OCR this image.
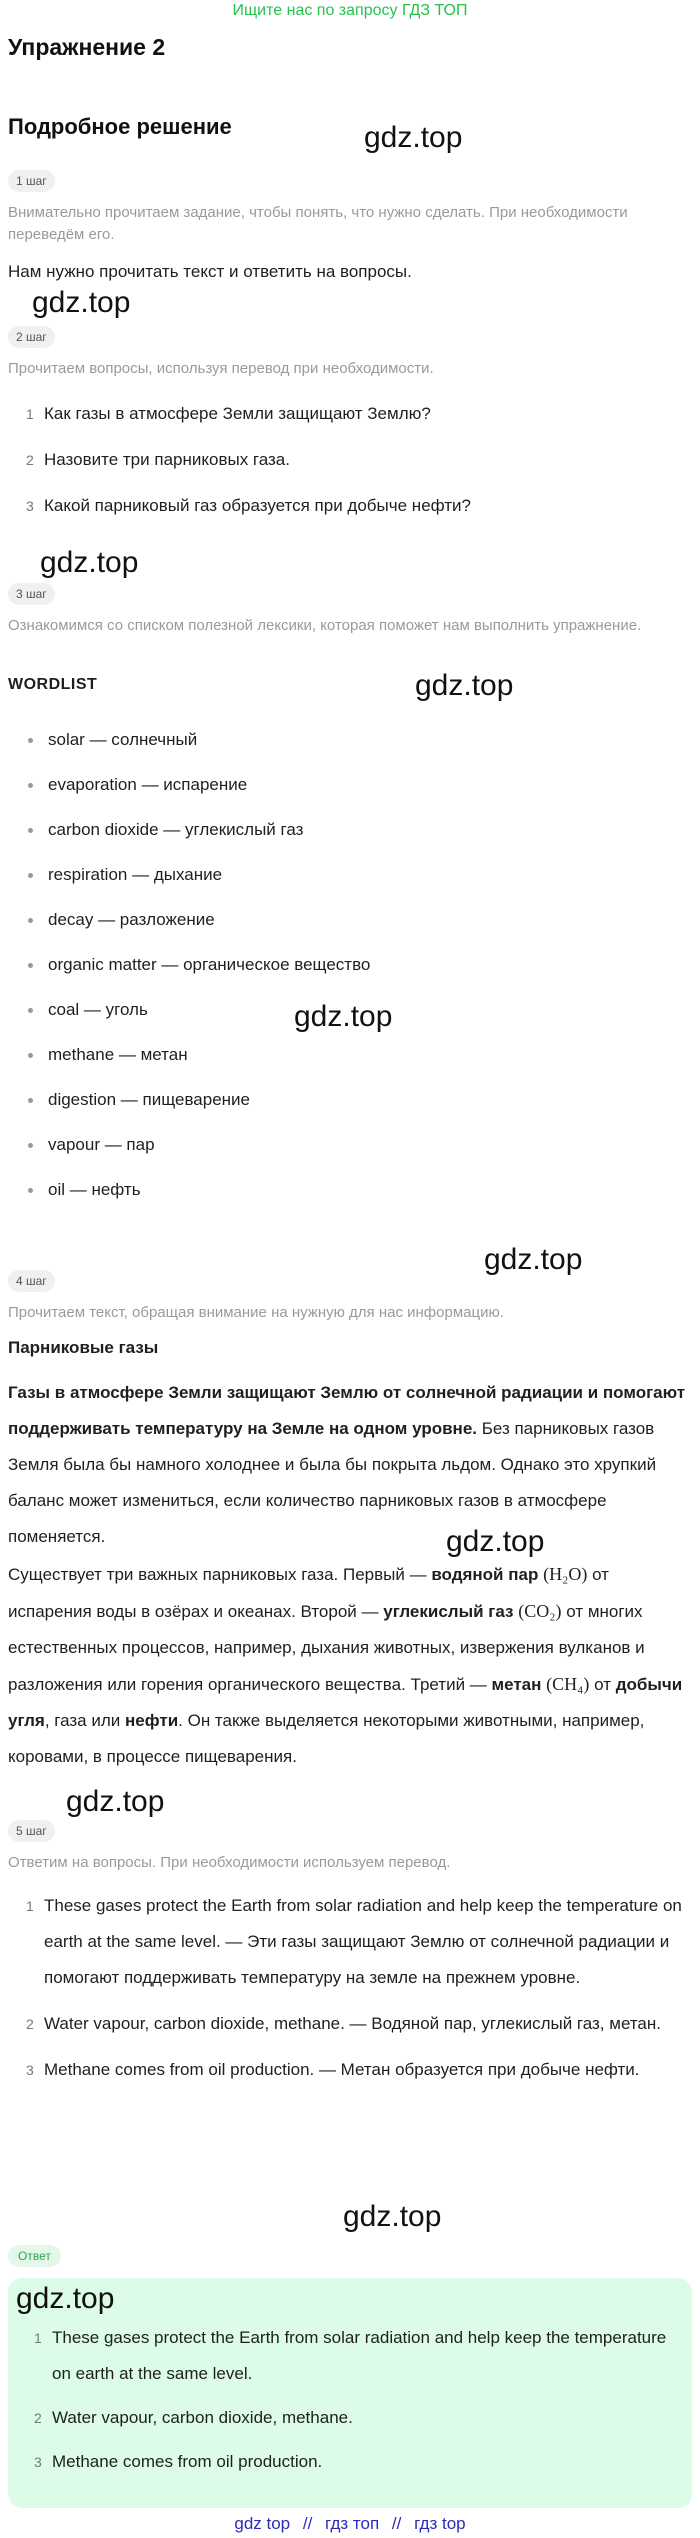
Ищите нас по запросу ГДЗ ТОП
Упражнение 2
Подробное решение	gdz.top
gdz.top
gdz.top
gdz.top
gdz.top
gdz.top
gdz.top
gdz.top
gdz.top
1 шаг
Внимательно прочитаем задание, чтобы понять, что нужно сделать. При необходимости переведём его.
Нам нужно прочитать текст и ответить на вопросы.
2 шаг
Прочитаем вопросы, используя перевод при необходимости.
1 Как газы в атмосфере Земли защищают Землю?
2 Назовите три парниковых газа.
3 Какой парниковый газ образуется при добыче нефти?
3 шаг
Ознакомимся со списком полезной лексики, которая поможет нам выполнить упражнение.
WORDLIST
solar — солнечный
evaporation — испарение
carbon dioxide — углекислый газ
respiration — дыхание
decay — разложение
organic matter — органическое вещество
coal — уголь
methane — метан
digestion — пищеварение
vapour — пар
oil — нефть
4 шаг
Прочитаем текст, обращая внимание на нужную для нас информацию.
Парниковые газы
Газы в атмосфере Земли защищают Землю от солнечной радиации и помогают поддерживать температуру на Земле на одном уровне. Без парниковых газов Земля была бы намного холоднее и была бы покрыта льдом. Однако это хрупкий баланс может измениться, если количество парниковых газов в атмосфере поменяется.
Существует три важных парниковых газа. Первый — водяной пар (H₂O) от испарения воды в озёрах и океанах. Второй — углекислый газ (CO₂) от многих естественных процессов, например, дыхания животных, извержения вулканов и разложения или горения органического вещества. Третий — метан (CH₄) от добычи угля, газа или нефти. Он также выделяется некоторыми животными, например, коровами, в процессе пищеварения.
5 шаг
Ответим на вопросы. При необходимости используем перевод.
1 These gases protect the Earth from solar radiation and help keep the temperature on earth at the same level. — Эти газы защищают Землю от солнечной радиации и помогают поддерживать температуру на земле на прежнем уровне.
2 Water vapour, carbon dioxide, methane. — Водяной пар, углекислый газ, метан.
3 Methane comes from oil production. — Метан образуется при добыче нефти.
Ответ
gdz.top
1 These gases protect the Earth from solar radiation and help keep the temperature on earth at the same level.
2 Water vapour, carbon dioxide, methane.
3 Methane comes from oil production.
gdz top // гдз топ // гдз top
